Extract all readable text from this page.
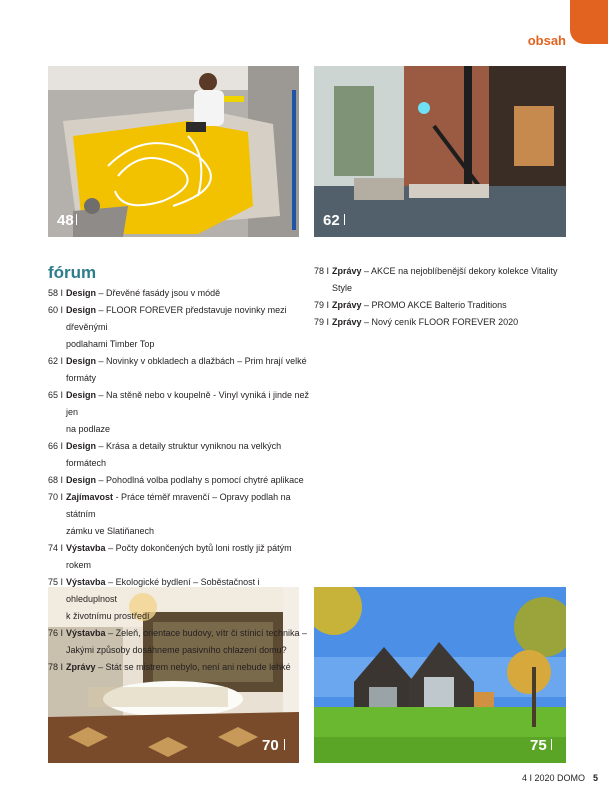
obsah
48	62
70	75
fórum
58 I Design – Dřevěné fasády jsou v módě
60 I Design – FLOOR FOREVER představuje novinky mezi dřevěnými
podlahami Timber Top
62 I Design – Novinky v obkladech a dlažbách – Prim hrají velké
formáty
65 I Design – Na stěně nebo v koupelně - Vinyl vyniká i jinde než jen
na podlaze
66 I Design – Krása a detaily struktur vyniknou na velkých formátech
68 I Design – Pohodlná volba podlahy s pomocí chytré aplikace
70 I Zajímavost - Práce téměř mravenčí – Opravy podlah na státním
zámku ve Slatiňanech
74 I Výstavba – Počty dokončených bytů loni rostly již pátým rokem
75 I Výstavba – Ekologické bydlení – Soběstačnost i ohleduplnost
k životnímu prostředí
76 I Výstavba – Zeleň, orientace budovy, vítr či stínicí technika –
Jakými způsoby dosáhneme pasivního chlazení domu?
78 I Zprávy – Stát se mistrem nebylo, není ani nebude lehké
78 I Zprávy – AKCE na nejoblíbenější dekory kolekce Vitality Style
79 I Zprávy – PROMO AKCE Balterio Traditions
79 I Zprávy – Nový ceník FLOOR FOREVER 2020
4 I 2020 DOMO 5
